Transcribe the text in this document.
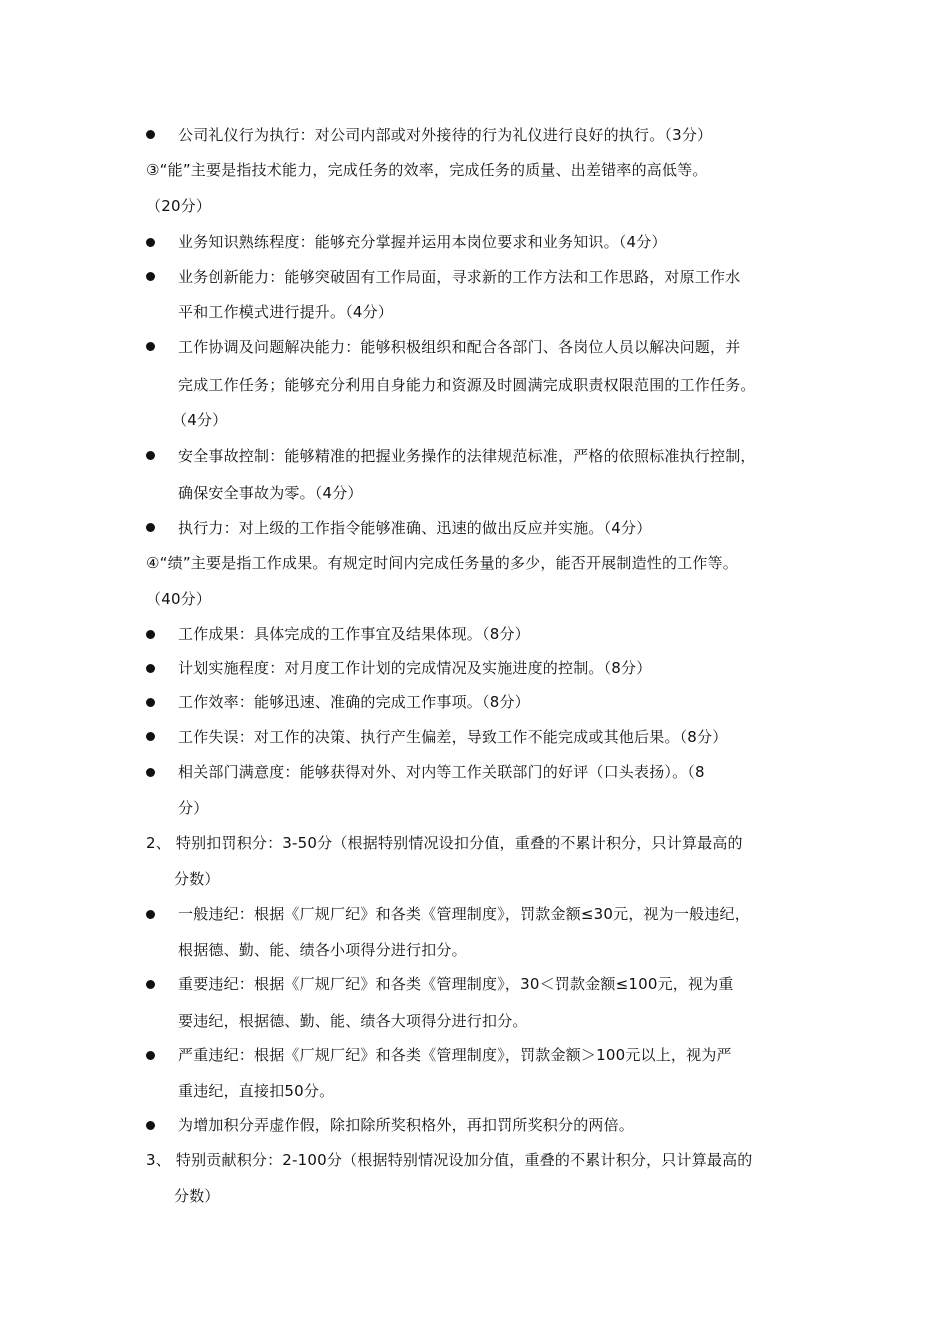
公司礼仪行为执行：对公司内部或对外接待的行为礼仪进行良好的执行。（3分）
③“能”主要是指技术能力，完成任务的效率，完成任务的质量、出差错率的高低等。
（20分）
业务知识熟练程度：能够充分掌握并运用本岗位要求和业务知识。（4分）
业务创新能力：能够突破固有工作局面，寻求新的工作方法和工作思路，对原工作水
平和工作模式进行提升。（4分）
工作协调及问题解决能力：能够积极组织和配合各部门、各岗位人员以解决问题，并
完成工作任务；能够充分利用自身能力和资源及时圆满完成职责权限范围的工作任务。
（4分）
安全事故控制：能够精准的把握业务操作的法律规范标准，严格的依照标准执行控制，
确保安全事故为零。（4分）
执行力：对上级的工作指令能够准确、迅速的做出反应并实施。（4分）
④“绩”主要是指工作成果。有规定时间内完成任务量的多少，能否开展制造性的工作等。
（40分）
工作成果：具体完成的工作事宜及结果体现。（8分）
计划实施程度：对月度工作计划的完成情况及实施进度的控制。（8分）
工作效率：能够迅速、准确的完成工作事项。（8分）
工作失误：对工作的决策、执行产生偏差，导致工作不能完成或其他后果。（8分）
相关部门满意度：能够获得对外、对内等工作关联部门的好评（口头表扬）。（8
分）
2、 特别扣罚积分：3-50分（根据特别情况设扣分值，重叠的不累计积分，只计算最高的
分数）
一般违纪：根据《厂规厂纪》和各类《管理制度》，罚款金额≤30元，视为一般违纪，
根据德、勤、能、绩各小项得分进行扣分。
重要违纪：根据《厂规厂纪》和各类《管理制度》，30＜罚款金额≤100元，视为重
要违纪，根据德、勤、能、绩各大项得分进行扣分。
严重违纪：根据《厂规厂纪》和各类《管理制度》，罚款金额＞100元以上，视为严
重违纪，直接扣50分。
为增加积分弄虚作假，除扣除所奖积格外，再扣罚所奖积分的两倍。
3、 特别贡献积分：2-100分（根据特别情况设加分值，重叠的不累计积分，只计算最高的
分数）
